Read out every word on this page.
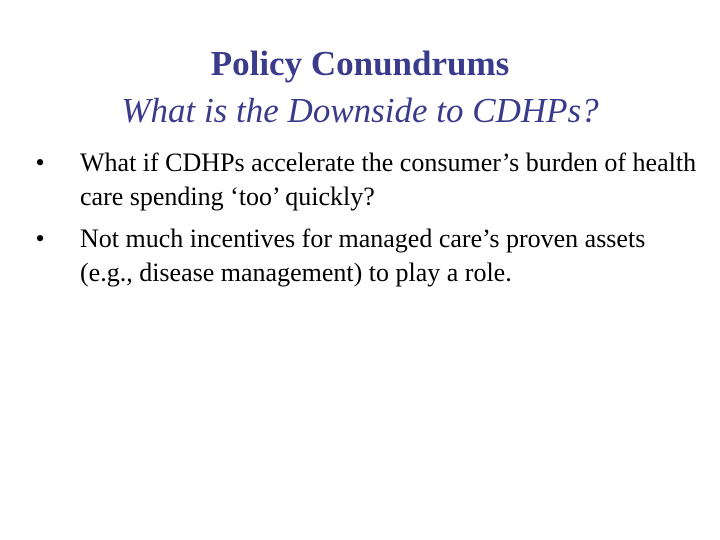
Policy Conundrums

What is the Downside to CDHPs?

• What if CDHPs accelerate the consumer’s burden of health care spending ‘too’ quickly?
• Not much incentives for managed care’s proven assets (e.g., disease management) to play a role.
